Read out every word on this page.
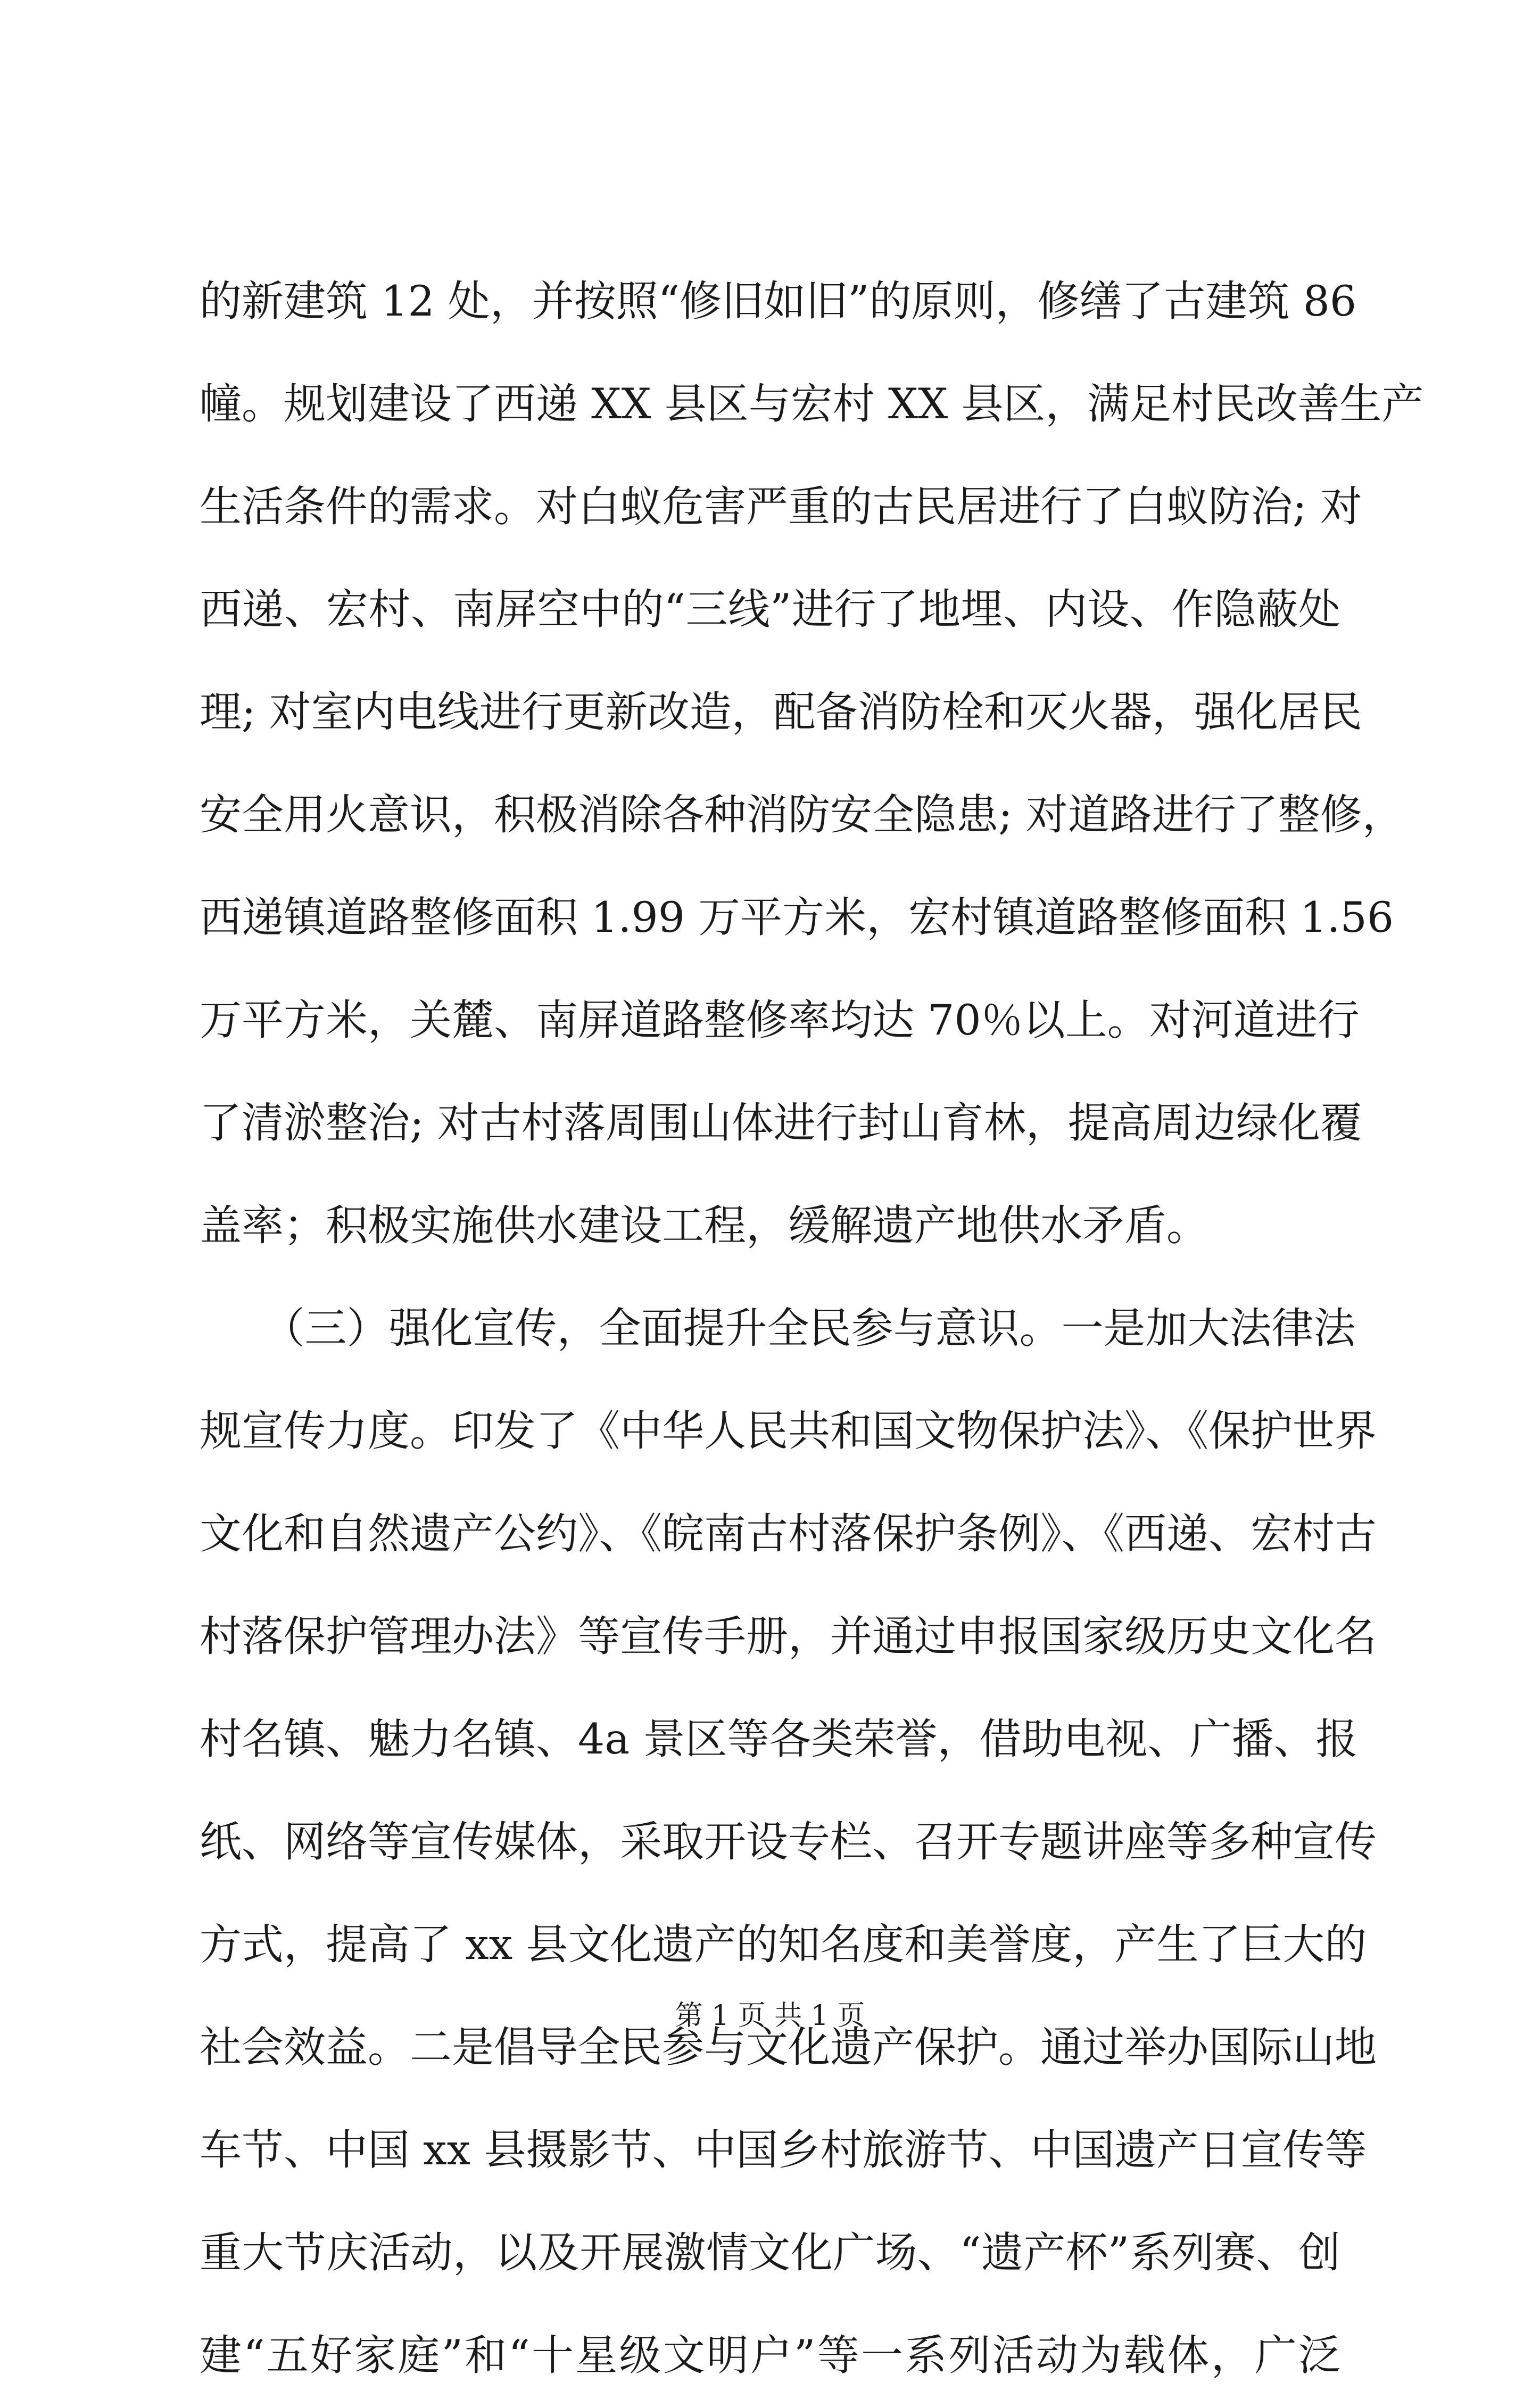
的新建筑 12 处，并按照“修旧如旧”的原则，修缮了古建筑 86
幢。规划建设了西递 XX 县区与宏村 XX 县区，满足村民改善生产
生活条件的需求。对白蚁危害严重的古民居进行了白蚁防治; 对
西递、宏村、南屏空中的“三线”进行了地埋、内设、作隐蔽处
理; 对室内电线进行更新改造，配备消防栓和灭火器，强化居民
安全用火意识，积极消除各种消防安全隐患; 对道路进行了整修，
西递镇道路整修面积 1.99 万平方米，宏村镇道路整修面积 1.56
万平方米，关麓、南屏道路整修率均达 70％以上。对河道进行
了清淤整治; 对古村落周围山体进行封山育林，提高周边绿化覆
盖率；积极实施供水建设工程，缓解遗产地供水矛盾。
　　（三）强化宣传，全面提升全民参与意识。一是加大法律法
规宣传力度。印发了《中华人民共和国文物保护法》、《保护世界
文化和自然遗产公约》、《皖南古村落保护条例》、《西递、宏村古
村落保护管理办法》等宣传手册，并通过申报国家级历史文化名
村名镇、魅力名镇、4a 景区等各类荣誉，借助电视、广播、报
纸、网络等宣传媒体，采取开设专栏、召开专题讲座等多种宣传
方式，提高了 xx 县文化遗产的知名度和美誉度，产生了巨大的
社会效益。二是倡导全民参与文化遗产保护。通过举办国际山地
车节、中国 xx 县摄影节、中国乡村旅游节、中国遗产日宣传等
重大节庆活动，以及开展激情文化广场、“遗产杯”系列赛、创
建“五好家庭”和“十星级文明户”等一系列活动为载体，广泛
第 1 页 共 1 页
